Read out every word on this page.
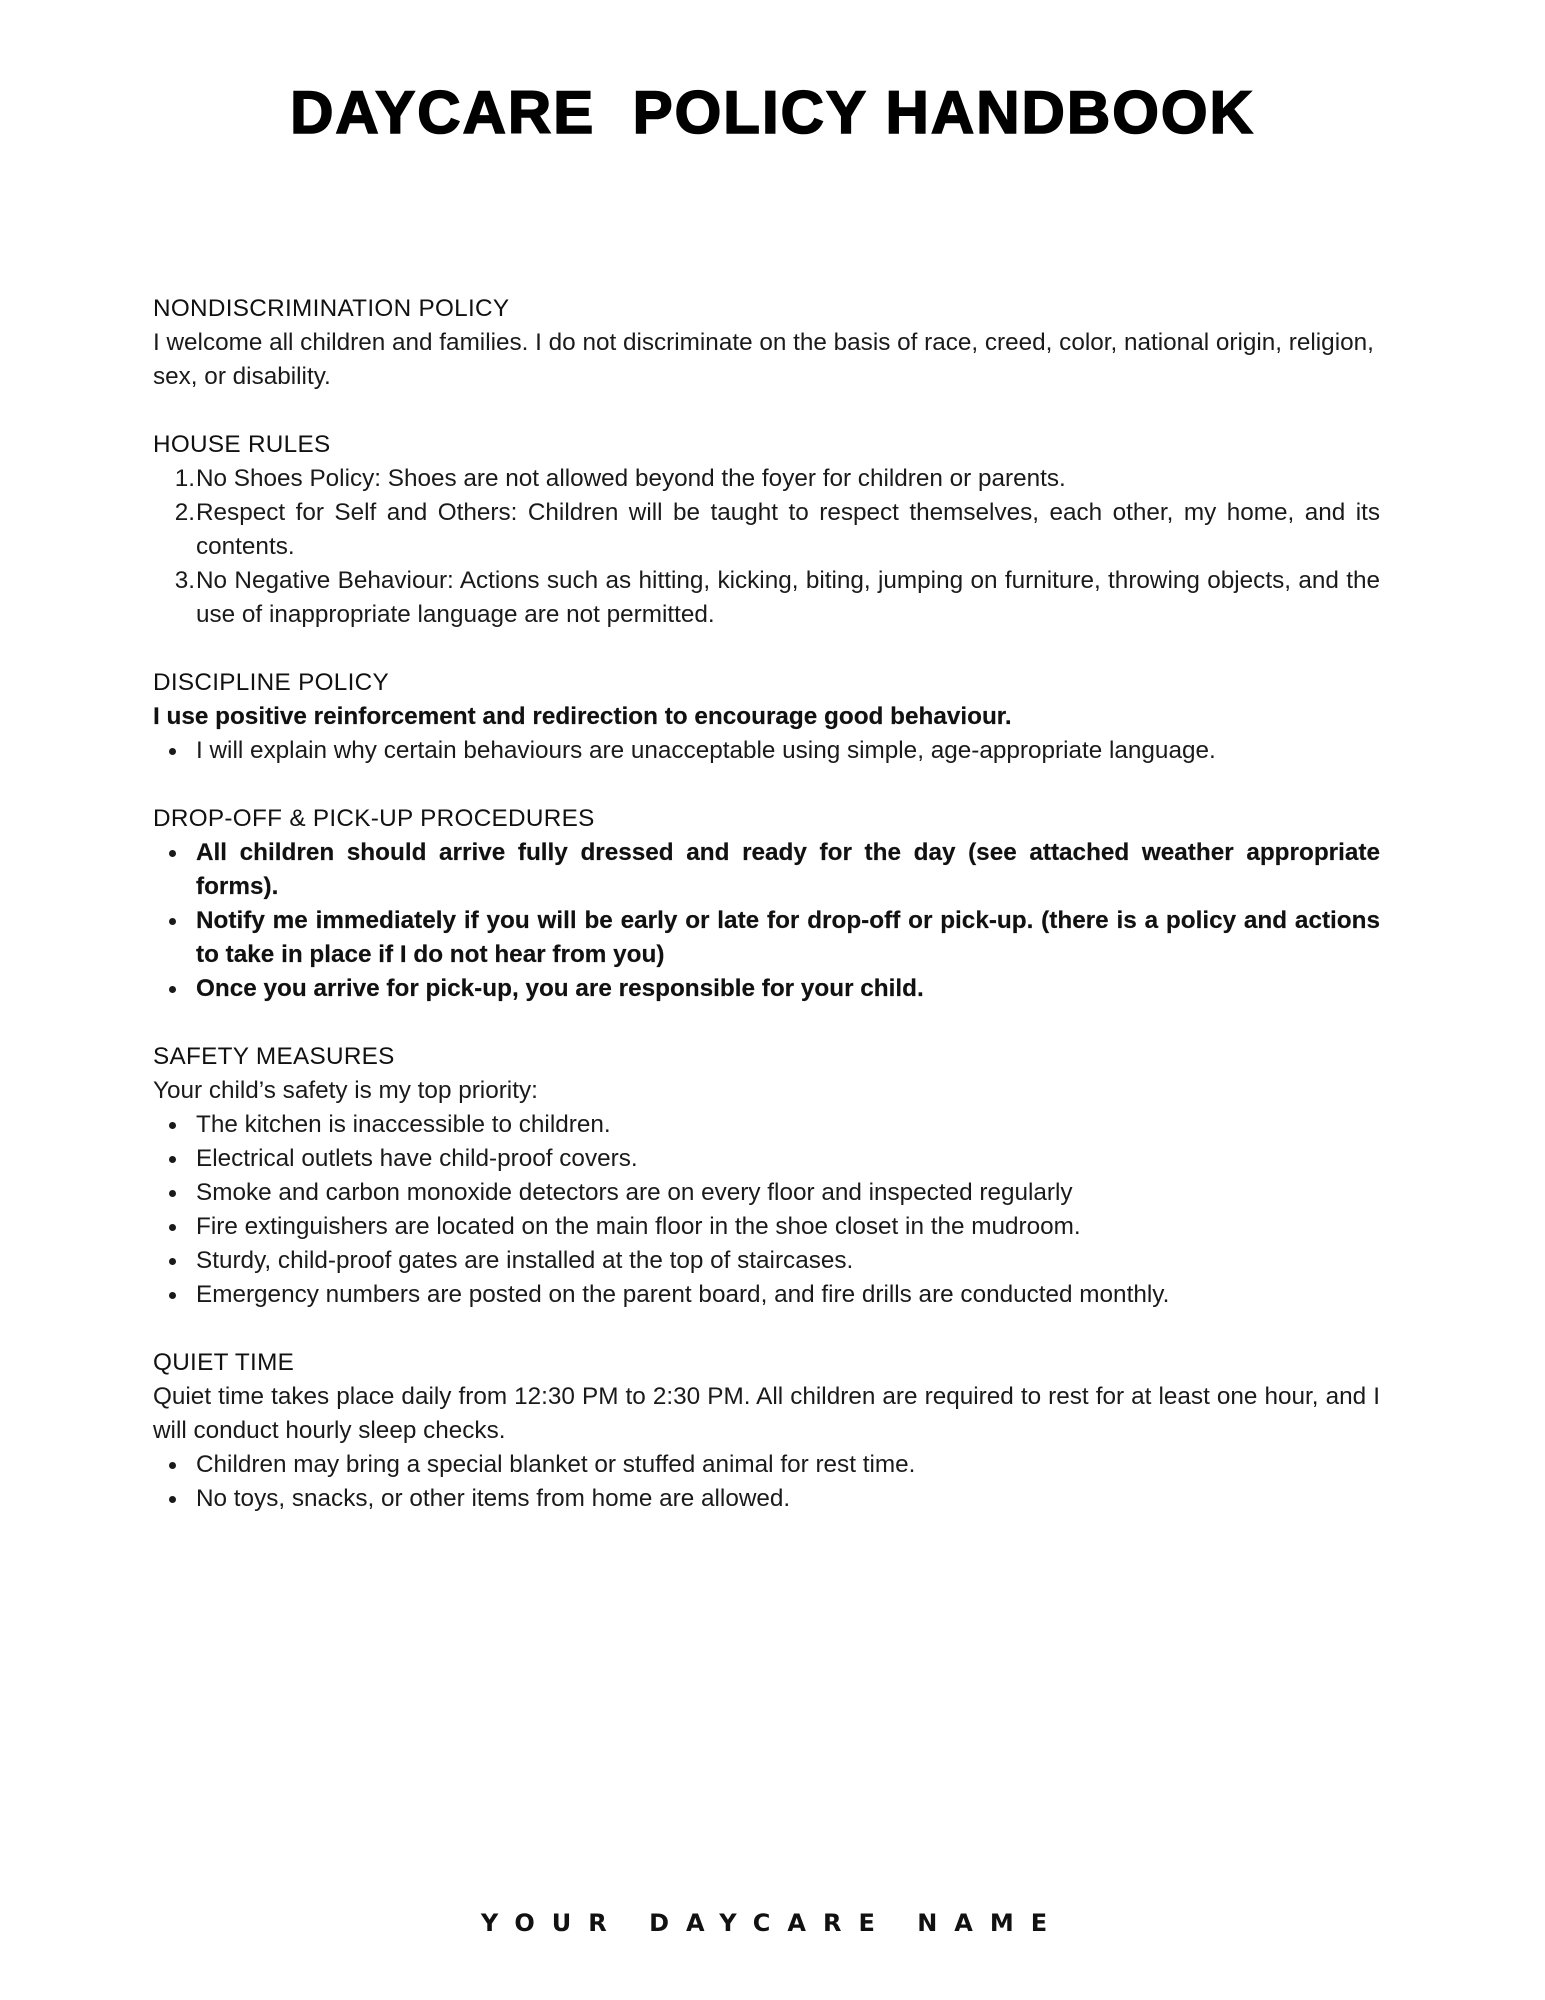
DAYCARE  POLICY HANDBOOK
NONDISCRIMINATION POLICY

I welcome all children and families. I do not discriminate on the basis of race, creed, color, national origin, religion, sex, or disability.

HOUSE RULES
1. No Shoes Policy: Shoes are not allowed beyond the foyer for children or parents.
2. Respect for Self and Others: Children will be taught to respect themselves, each other, my home, and its contents.
3. No Negative Behaviour: Actions such as hitting, kicking, biting, jumping on furniture, throwing objects, and the use of inappropriate language are not permitted.
DISCIPLINE POLICY

I use positive reinforcement and redirection to encourage good behaviour.

I will explain why certain behaviours are unacceptable using simple, age-appropriate language.
DROP-OFF & PICK-UP PROCEDURES
All children should arrive fully dressed and ready for the day (see attached weather appropriate forms).
Notify me immediately if you will be early or late for drop-off or pick-up. (there is a policy and actions to take in place if I do not hear from you)
Once you arrive for pick-up, you are responsible for your child.
SAFETY MEASURES

Your child’s safety is my top priority:

The kitchen is inaccessible to children.
Electrical outlets have child-proof covers.
Smoke and carbon monoxide detectors are on every floor and inspected regularly
Fire extinguishers are located on the main floor in the shoe closet in the mudroom.
Sturdy, child-proof gates are installed at the top of staircases.
Emergency numbers are posted on the parent board, and fire drills are conducted monthly.
QUIET TIME

Quiet time takes place daily from 12:30 PM to 2:30 PM. All children are required to rest for at least one hour, and I will conduct hourly sleep checks.

Children may bring a special blanket or stuffed animal for rest time.
No toys, snacks, or other items from home are allowed.
YOUR DAYCARE NAME
